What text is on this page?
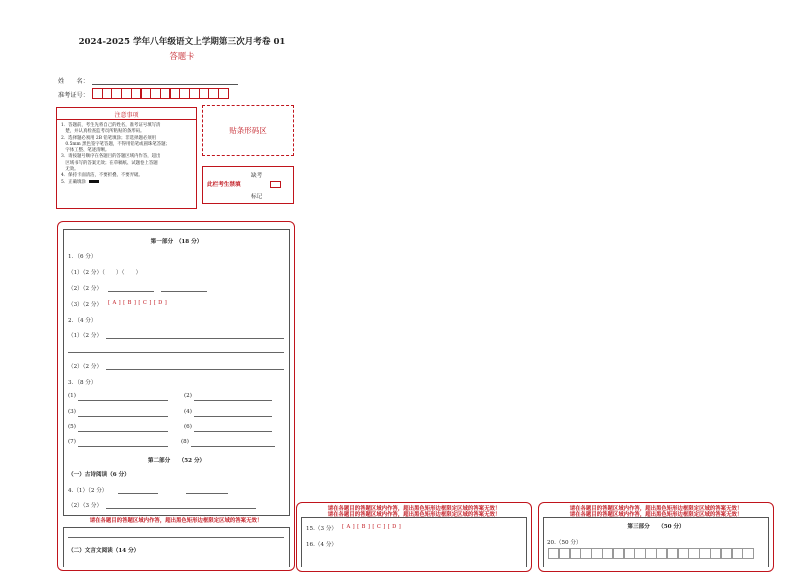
2024-2025 学年八年级语文上学期第三次月考卷 01
答题卡
姓　　名：
准考证号：
注意事项
1．答题前，考生先将自己的姓名，准考证号填写清
　楚，并认真检查监考员所粘贴的条形码。
2．选择题必须用 2B 铅笔填涂；非选择题必须用
　0.5mm 黑色签字笔答题，不得用铅笔或圆珠笔答题；
　字体工整、笔迹清晰。
3．请按题号顺序在各题目的答题区域内作答，超出
　区域书写的答案无效；在草稿纸、试题卷上答题
　无效。
4．保持卡面清洁，不要折叠、不要弄破。
5．正确填涂
贴条形码区
缺考
此栏考生禁填
标记
第一部分　（18 分）
1．（6 分）
（1）（2 分）（　　）（　　）
（2）（2 分）
（3）（2 分） [ A ] [ B ] [ C ] [ D ]
2．（4 分）
（1）（2 分）
（2）（2 分）
3．（8 分）
(1)	(2)
(3)	(4)
(5)	(6)
(7)	(8)
第二部分　　（52 分）
（一）古诗阅读（6 分）
4.（1）（2 分）
（2）（3 分）
请在各题目的答题区域内作答，超出黑色矩形边框限定区域的答案无效！
（二）文言文阅读（14 分）
请在各题目的答题区域内作答，超出黑色矩形边框限定区域的答案无效！
请在各题目的答题区域内作答，超出黑色矩形边框限定区域的答案无效！
15.（3 分） [ A ] [ B ] [ C ] [ D ]
16.（4 分）
请在各题目的答题区域内作答，超出黑色矩形边框限定区域的答案无效！
请在各题目的答题区域内作答，超出黑色矩形边框限定区域的答案无效！
第三部分　　（50 分）
20.（50 分）
